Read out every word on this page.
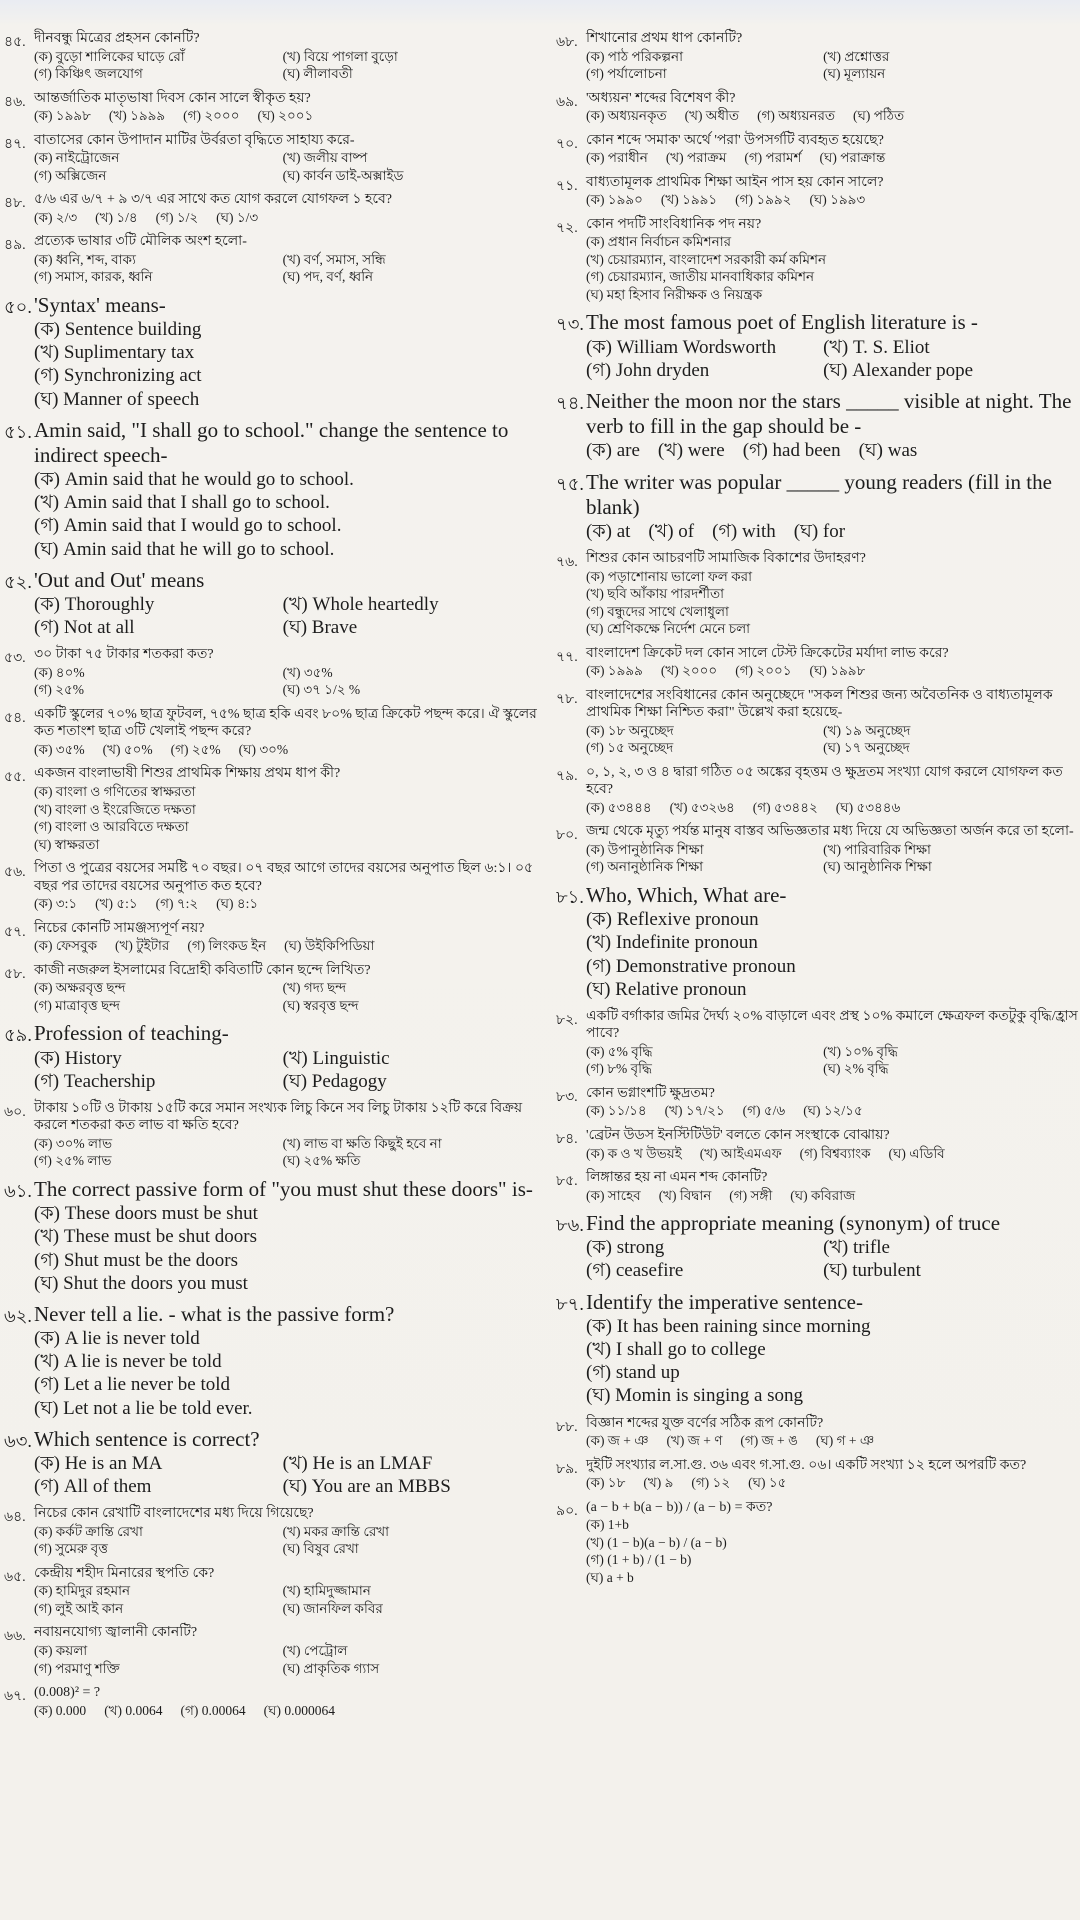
৪৫. দীনবন্ধু মিত্রের প্রহসন কোনটি?
(ক) বুড়ো শালিকের ঘাড়ে রোঁ	(খ) বিয়ে পাগলা বুড়ো
(গ) কিঞ্চিৎ জলযোগ	(ঘ) লীলাবতী
৪৬. আন্তর্জাতিক মাতৃভাষা দিবস কোন সালে স্বীকৃত হয়?
(ক) ১৯৯৮	(খ) ১৯৯৯	(গ) ২০০০	(ঘ) ২০০১
৪৭. বাতাসের কোন উপাদান মাটির উর্বরতা বৃদ্ধিতে সাহায্য করে-
(ক) নাইট্রোজেন	(খ) জলীয় বাষ্প
(গ) অক্সিজেন	(ঘ) কার্বন ডাই-অক্সাইড
৪৮. ৫/৬ এর ৬/৭ + ৯ ৩/৭ এর সাথে কত যোগ করলে যোগফল ১ হবে?
(ক) ২/৩	(খ) ১/৪	(গ) ১/২	(ঘ) ১/৩
৪৯. প্রত্যেক ভাষার ৩টি মৌলিক অংশ হলো-
(ক) ধ্বনি, শব্দ, বাক্য	(খ) বর্ণ, সমাস, সন্ধি
(গ) সমাস, কারক, ধ্বনি	(ঘ) পদ, বর্ণ, ধ্বনি
৫০. 'Syntax' means-
(ক) Sentence building
(খ) Suplimentary tax
(গ) Synchronizing act
(ঘ) Manner of speech
৫১. Amin said, "I shall go to school." change the sentence to indirect speech-
(ক) Amin said that he would go to school.
(খ) Amin said that I shall go to school.
(গ) Amin said that I would go to school.
(ঘ) Amin said that he will go to school.
৫২. 'Out and Out' means
(ক) Thoroughly	(খ) Whole heartedly
(গ) Not at all	(ঘ) Brave
৫৩. ৩০ টাকা ৭৫ টাকার শতকরা কত?
(ক) ৪০%	(খ) ৩৫%
(গ) ২৫%	(ঘ) ৩৭ ১/২ %
৫৪. একটি স্কুলের ৭০% ছাত্র ফুটবল, ৭৫% ছাত্র হকি এবং ৮০% ছাত্র ক্রিকেট পছন্দ করে। ঐ স্কুলের কত শতাংশ ছাত্র ৩টি খেলাই পছন্দ করে?
(ক) ৩৫%	(খ) ৫০%	(গ) ২৫%	(ঘ) ৩০%
৫৫. একজন বাংলাভাষী শিশুর প্রাথমিক শিক্ষায় প্রথম ধাপ কী?
(ক) বাংলা ও গণিতের স্বাক্ষরতা
(খ) বাংলা ও ইংরেজিতে দক্ষতা
(গ) বাংলা ও আরবিতে দক্ষতা
(ঘ) স্বাক্ষরতা
৫৬. পিতা ও পুত্রের বয়সের সমষ্টি ৭০ বছর। ০৭ বছর আগে তাদের বয়সের অনুপাত ছিল ৬:১। ০৫ বছর পর তাদের বয়সের অনুপাত কত হবে?
(ক) ৩:১	(খ) ৫:১	(গ) ৭:২	(ঘ) ৪:১
৫৭. নিচের কোনটি সামঞ্জস্যপূর্ণ নয়?
(ক) ফেসবুক	(খ) টুইটার	(গ) লিংকড ইন	(ঘ) উইকিপিডিয়া
৫৮. কাজী নজরুল ইসলামের বিদ্রোহী কবিতাটি কোন ছন্দে লিখিত?
(ক) অক্ষরবৃত্ত ছন্দ	(খ) গদ্য ছন্দ
(গ) মাত্রাবৃত্ত ছন্দ	(ঘ) স্বরবৃত্ত ছন্দ
৫৯. Profession of teaching-
(ক) History	(খ) Linguistic
(গ) Teachership	(ঘ) Pedagogy
৬০. টাকায় ১০টি ও টাকায় ১৫টি করে সমান সংখ্যক লিচু কিনে সব লিচু টাকায় ১২টি করে বিক্রয় করলে শতকরা কত লাভ বা ক্ষতি হবে?
(ক) ৩০% লাভ	(খ) লাভ বা ক্ষতি কিছুই হবে না
(গ) ২৫% লাভ	(ঘ) ২৫% ক্ষতি
৬১. The correct passive form of "you must shut these doors" is-
(ক) These doors must be shut
(খ) These must be shut doors
(গ) Shut must be the doors
(ঘ) Shut the doors you must
৬২. Never tell a lie. - what is the passive form?
(ক) A lie is never told
(খ) A lie is never be told
(গ) Let a lie never be told
(ঘ) Let not a lie be told ever.
৬৩. Which sentence is correct?
(ক) He is an MA	(খ) He is an LMAF
(গ) All of them	(ঘ) You are an MBBS
৬৪. নিচের কোন রেখাটি বাংলাদেশের মধ্য দিয়ে গিয়েছে?
(ক) কর্কট ক্রান্তি রেখা	(খ) মকর ক্রান্তি রেখা
(গ) সুমেরু বৃত্ত	(ঘ) বিষুব রেখা
৬৫. কেন্দ্রীয় শহীদ মিনারের স্থপতি কে?
(ক) হামিদুর রহমান	(খ) হামিদুজ্জামান
(গ) লুই আই কান	(ঘ) জানফিল কবির
৬৬. নবায়নযোগ্য জ্বালানী কোনটি?
(ক) কয়লা	(খ) পেট্রোল
(গ) পরমাণু শক্তি	(ঘ) প্রাকৃতিক গ্যাস
৬৭. (0.008)² = ?
(ক) 0.000	(খ) 0.0064	(গ) 0.00064	(ঘ) 0.000064
৬৮. শিখানোর প্রথম ধাপ কোনটি?
(ক) পাঠ পরিকল্পনা	(খ) প্রশ্নোত্তর
(গ) পর্যালোচনা	(ঘ) মূল্যায়ন
৬৯. 'অধ্যয়ন' শব্দের বিশেষণ কী?
(ক) অধ্যয়নকৃত	(খ) অধীত	(গ) অধ্যয়নরত	(ঘ) পঠিত
৭০. কোন শব্দে 'সমাক' অর্থে 'পরা' উপসর্গটি ব্যবহৃত হয়েছে?
(ক) পরাধীন	(খ) পরাক্রম	(গ) পরামর্শ	(ঘ) পরাক্রান্ত
৭১. বাধ্যতামূলক প্রাথমিক শিক্ষা আইন পাস হয় কোন সালে?
(ক) ১৯৯০	(খ) ১৯৯১	(গ) ১৯৯২	(ঘ) ১৯৯৩
৭২. কোন পদটি সাংবিধানিক পদ নয়?
(ক) প্রধান নির্বাচন কমিশনার
(খ) চেয়ারম্যান, বাংলাদেশ সরকারী কর্ম কমিশন
(গ) চেয়ারম্যান, জাতীয় মানবাধিকার কমিশন
(ঘ) মহা হিসাব নিরীক্ষক ও নিয়ন্ত্রক
৭৩. The most famous poet of English literature is -
(ক) William Wordsworth	(খ) T. S. Eliot
(গ) John dryden	(ঘ) Alexander pope
৭৪. Neither the moon nor the stars _____ visible at night. The verb to fill in the gap should be -
(ক) are (খ) were (গ) had been (ঘ) was
৭৫. The writer was popular _____ young readers (fill in the blank)
(ক) at (খ) of (গ) with (ঘ) for
৭৬. শিশুর কোন আচরণটি সামাজিক বিকাশের উদাহরণ?
(ক) পড়াশোনায় ভালো ফল করা
(খ) ছবি আঁকায় পারদর্শীতা
(গ) বন্ধুদের সাথে খেলাধুলা
(ঘ) শ্রেণিকক্ষে নির্দেশ মেনে চলা
৭৭. বাংলাদেশ ক্রিকেট দল কোন সালে টেস্ট ক্রিকেটের মর্যাদা লাভ করে?
(ক) ১৯৯৯	(খ) ২০০০	(গ) ২০০১	(ঘ) ১৯৯৮
৭৮. বাংলাদেশের সংবিধানের কোন অনুচ্ছেদে "সকল শিশুর জন্য অবৈতনিক ও বাধ্যতামূলক প্রাথমিক শিক্ষা নিশ্চিত করা" উল্লেখ করা হয়েছে-
(ক) ১৮ অনুচ্ছেদ	(খ) ১৯ অনুচ্ছেদ
(গ) ১৫ অনুচ্ছেদ	(ঘ) ১৭ অনুচ্ছেদ
৭৯. ০, ১, ২, ৩ ও ৪ দ্বারা গঠিত ০৫ অঙ্কের বৃহত্তম ও ক্ষুদ্রতম সংখ্যা যোগ করলে যোগফল কত হবে?
(ক) ৫৩৪৪৪	(খ) ৫৩২৬৪	(গ) ৫৩৪৪২	(ঘ) ৫৩৪৪৬
৮০. জন্ম থেকে মৃত্যু পর্যন্ত মানুষ বাস্তব অভিজ্ঞতার মধ্য দিয়ে যে অভিজ্ঞতা অর্জন করে তা হলো-
(ক) উপানুষ্ঠানিক শিক্ষা	(খ) পারিবারিক শিক্ষা
(গ) অনানুষ্ঠানিক শিক্ষা	(ঘ) আনুষ্ঠানিক শিক্ষা
৮১. Who, Which, What are-
(ক) Reflexive pronoun
(খ) Indefinite pronoun
(গ) Demonstrative pronoun
(ঘ) Relative pronoun
৮২. একটি বর্গাকার জমির দৈর্ঘ্য ২০% বাড়ালে এবং প্রস্থ ১০% কমালে ক্ষেত্রফল কতটুকু বৃদ্ধি/হ্রাস পাবে?
(ক) ৫% বৃদ্ধি	(খ) ১০% বৃদ্ধি
(গ) ৮% বৃদ্ধি	(ঘ) ২% বৃদ্ধি
৮৩. কোন ভগ্নাংশটি ক্ষুদ্রতম?
(ক) ১১/১৪	(খ) ১৭/২১	(গ) ৫/৬	(ঘ) ১২/১৫
৮৪. 'ব্রেটন উডস ইনস্টিটিউট' বলতে কোন সংস্থাকে বোঝায়?
(ক) ক ও খ উভয়ই	(খ) আইএমএফ	(গ) বিশ্বব্যাংক	(ঘ) এডিবি
৮৫. লিঙ্গান্তর হয় না এমন শব্দ কোনটি?
(ক) সাহেব	(খ) বিদ্বান	(গ) সঙ্গী	(ঘ) কবিরাজ
৮৬. Find the appropriate meaning (synonym) of truce
(ক) strong	(খ) trifle
(গ) ceasefire	(ঘ) turbulent
৮৭. Identify the imperative sentence-
(ক) It has been raining since morning
(খ) I shall go to college
(গ) stand up
(ঘ) Momin is singing a song
৮৮. বিজ্ঞান শব্দের যুক্ত বর্ণের সঠিক রূপ কোনটি?
(ক) জ + ঞ	(খ) জ + ণ	(গ) জ + ঙ	(ঘ) গ + ঞ
৮৯. দুইটি সংখ্যার ল.সা.গু. ৩৬ এবং গ.সা.গু. ০৬। একটি সংখ্যা ১২ হলে অপরটি কত?
(ক) ১৮	(খ) ৯	(গ) ১২	(ঘ) ১৫
৯০. (a − b + b(a − b)) / (a − b) = কত?
(ক) 1+b
(খ) (1 − b)(a − b) / (a − b)
(গ) (1 + b) / (1 − b)
(ঘ) a + b
